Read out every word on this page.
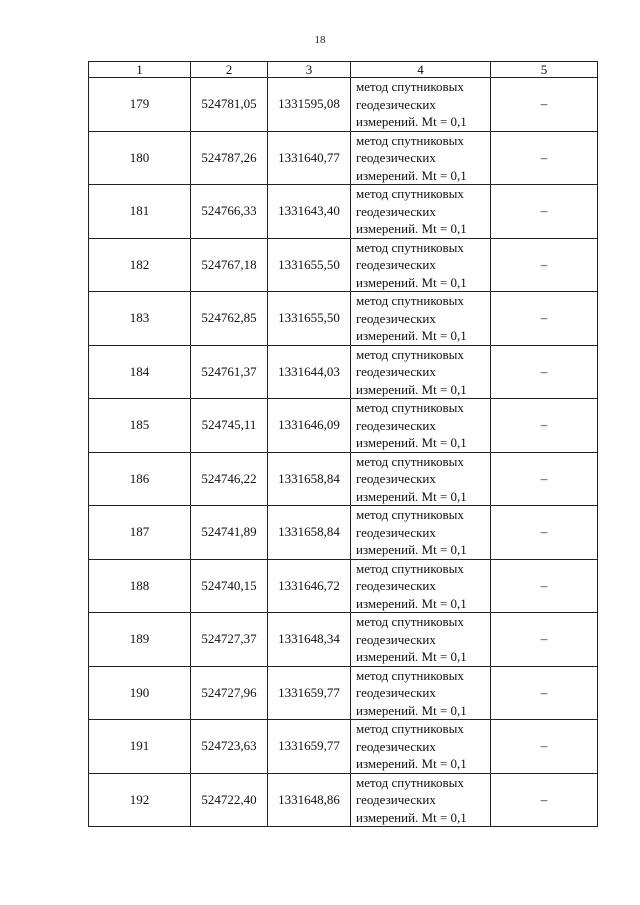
18
1	2	3	4	5
179	524781,05	1331595,08	метод спутниковых
геодезических
измерений. Mt = 0,1	–
180	524787,26	1331640,77	метод спутниковых
геодезических
измерений. Mt = 0,1	–
181	524766,33	1331643,40	метод спутниковых
геодезических
измерений. Mt = 0,1	–
182	524767,18	1331655,50	метод спутниковых
геодезических
измерений. Mt = 0,1	–
183	524762,85	1331655,50	метод спутниковых
геодезических
измерений. Mt = 0,1	–
184	524761,37	1331644,03	метод спутниковых
геодезических
измерений. Mt = 0,1	–
185	524745,11	1331646,09	метод спутниковых
геодезических
измерений. Mt = 0,1	–
186	524746,22	1331658,84	метод спутниковых
геодезических
измерений. Mt = 0,1	–
187	524741,89	1331658,84	метод спутниковых
геодезических
измерений. Mt = 0,1	–
188	524740,15	1331646,72	метод спутниковых
геодезических
измерений. Mt = 0,1	–
189	524727,37	1331648,34	метод спутниковых
геодезических
измерений. Mt = 0,1	–
190	524727,96	1331659,77	метод спутниковых
геодезических
измерений. Mt = 0,1	–
191	524723,63	1331659,77	метод спутниковых
геодезических
измерений. Mt = 0,1	–
192	524722,40	1331648,86	метод спутниковых
геодезических
измерений. Mt = 0,1	–
